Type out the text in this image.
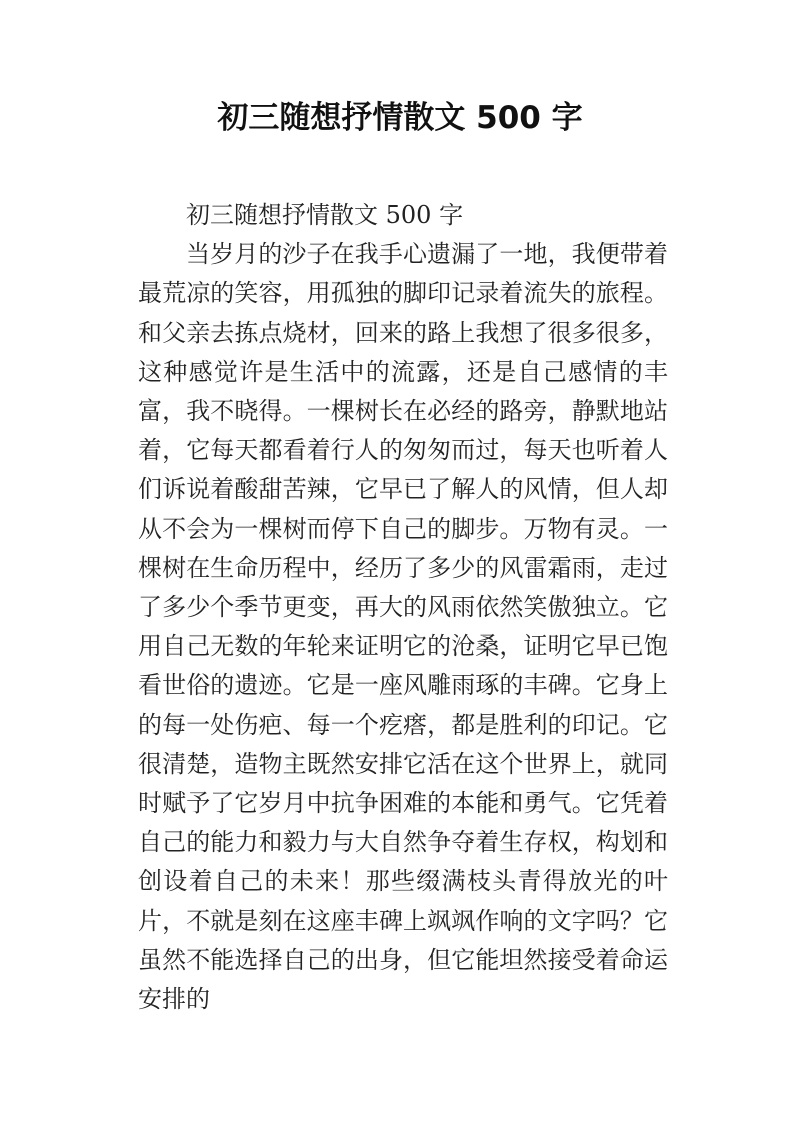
初三随想抒情散文 500 字

初三随想抒情散文 500 字

当岁月的沙子在我手心遗漏了一地，我便带着最荒凉的笑容，用孤独的脚印记录着流失的旅程。和父亲去拣点烧材，回来的路上我想了很多很多，这种感觉许是生活中的流露，还是自己感情的丰富，我不晓得。一棵树长在必经的路旁，静默地站着，它每天都看着行人的匆匆而过，每天也听着人们诉说着酸甜苦辣，它早已了解人的风情，但人却从不会为一棵树而停下自己的脚步。万物有灵。一棵树在生命历程中，经历了多少的风雷霜雨，走过了多少个季节更变，再大的风雨依然笑傲独立。它用自己无数的年轮来证明它的沧桑，证明它早已饱看世俗的遗迹。它是一座风雕雨琢的丰碑。它身上的每一处伤疤、每一个疙瘩，都是胜利的印记。它很清楚，造物主既然安排它活在这个世界上，就同时赋予了它岁月中抗争困难的本能和勇气。它凭着自己的能力和毅力与大自然争夺着生存权，构划和创设着自己的未来！那些缀满枝头青得放光的叶片，不就是刻在这座丰碑上飒飒作响的文字吗？它虽然不能选择自己的出身，但它能坦然接受着命运安排的
